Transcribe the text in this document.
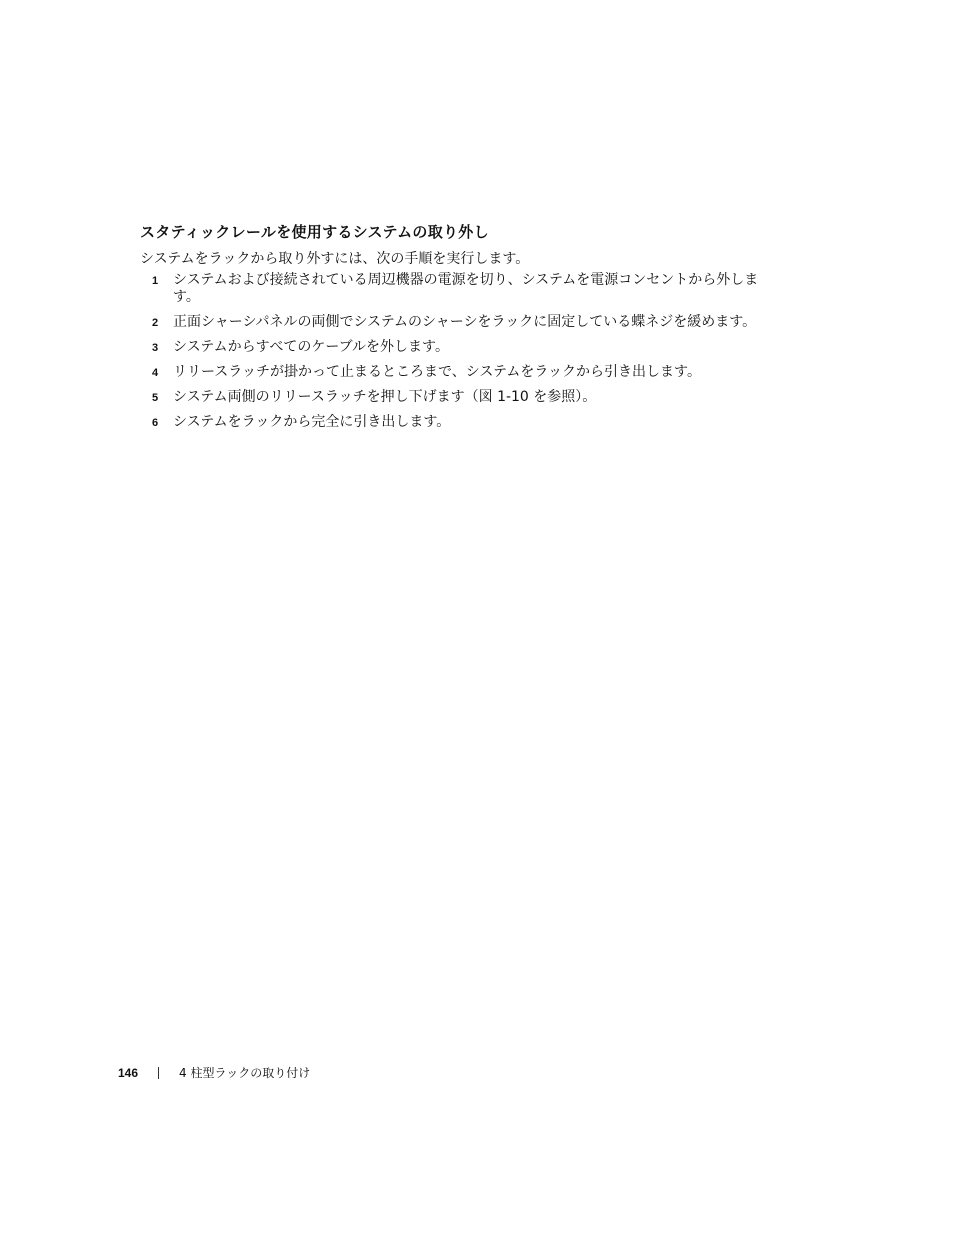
スタティックレールを使用するシステムの取り外し
システムをラックから取り外すには、次の手順を実行します。
1 システムおよび接続されている周辺機器の電源を切り、システムを電源コンセントから外します。
2 正面シャーシパネルの両側でシステムのシャーシをラックに固定している蝶ネジを緩めます。
3 システムからすべてのケーブルを外します。
4 リリースラッチが掛かって止まるところまで、システムをラックから引き出します。
5 システム両側のリリースラッチを押し下げます（図 1-10 を参照）。
6 システムをラックから完全に引き出します。
146	4 柱型ラックの取り付け
